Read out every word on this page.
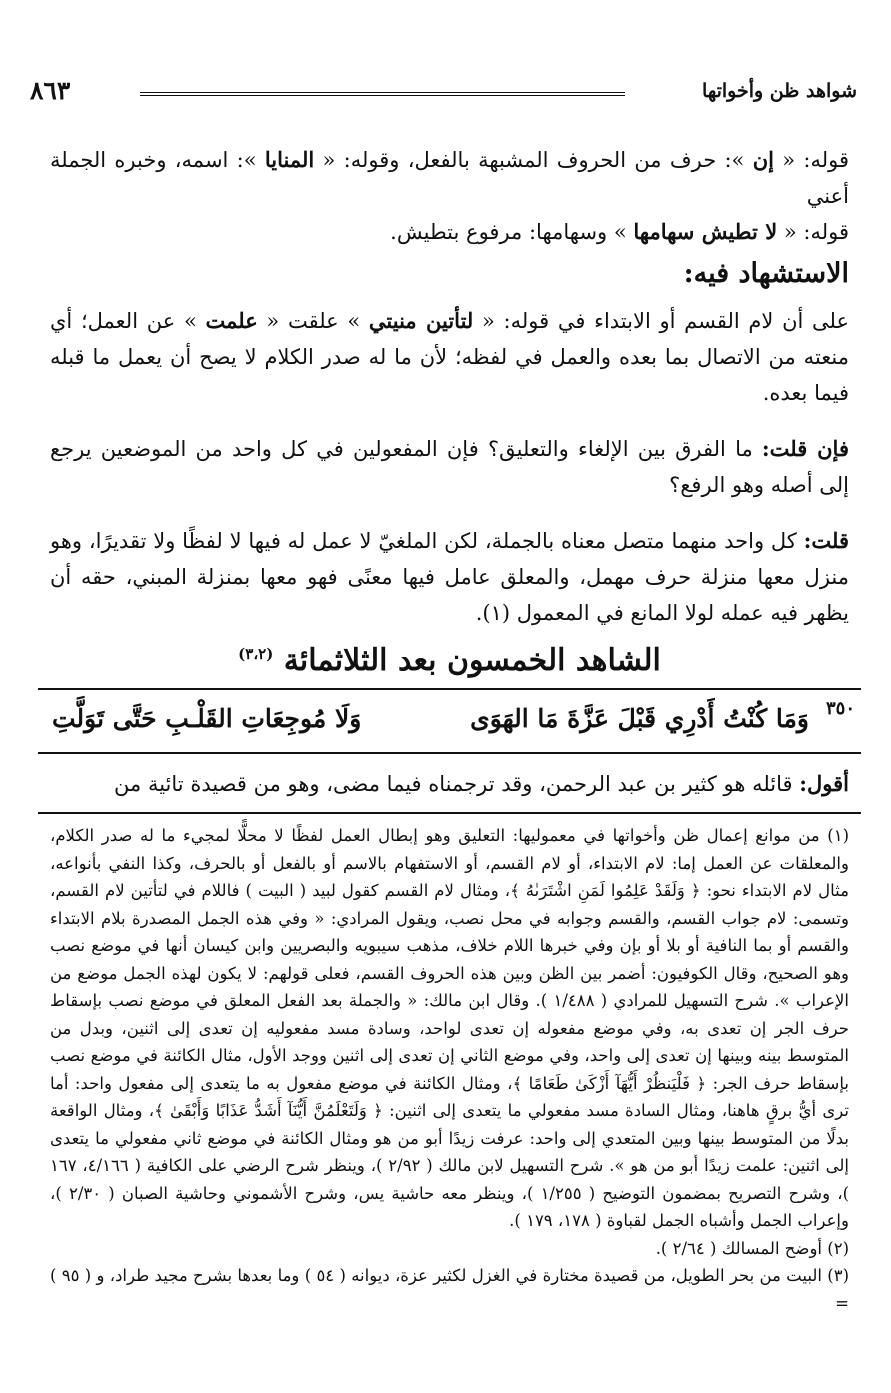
شواهد ظن وأخواتها
٨٦٣

قوله: « إن »: حرف من الحروف المشبهة بالفعل، وقوله: « المنايا »: اسمه، وخبره الجملة أعني

قوله: « لا تطيش سهامها » وسهامها: مرفوع بتطيش.

الاستشهاد فيه:

على أن لام القسم أو الابتداء في قوله: « لتأتين منيتي » علقت « علمت » عن العمل؛ أي منعته من الاتصال بما بعده والعمل في لفظه؛ لأن ما له صدر الكلام لا يصح أن يعمل ما قبله فيما بعده.

فإن قلت: ما الفرق بين الإلغاء والتعليق؟ فإن المفعولين في كل واحد من الموضعين يرجع إلى أصله وهو الرفع؟

قلت: كل واحد منهما متصل معناه بالجملة، لكن الملغيّ لا عمل له فيها لا لفظًا ولا تقديرًا، وهو منزل معها منزلة حرف مهمل، والمعلق عامل فيها معنًى فهو معها بمنزلة المبني، حقه أن يظهر فيه عمله لولا المانع في المعمول (١).

الشاهد الخمسون بعد الثلاثمائة $^{(٣،٢)}$
٣٥٠
وَمَا كُنْتُ أَدْرِي قَبْلَ عَزَّةَ مَا الهَوَى
وَلَا مُوجِعَاتِ القَلْـبِ حَتَّى تَوَلَّتِ

أقول: قائله هو كثير بن عبد الرحمن، وقد ترجمناه فيما مضى، وهو من قصيدة تائية من

(١) من موانع إعمال ظن وأخواتها في معموليها: التعليق وهو إبطال العمل لفظًا لا محلًّا لمجيء ما له صدر الكلام، والمعلقات عن العمل إما: لام الابتداء، أو لام القسم، أو الاستفهام بالاسم أو بالفعل أو بالحرف، وكذا النفي بأنواعه، مثال لام الابتداء نحو: ﴿ وَلَقَدْ عَلِمُوا لَمَنِ اشْتَرَىٰهُ ﴾، ومثال لام القسم كقول لبيد ( البيت ) فاللام في لتأتين لام القسم، وتسمى: لام جواب القسم، والقسم وجوابه في محل نصب، ويقول المرادي: « وفي هذه الجمل المصدرة بلام الابتداء والقسم أو بما النافية أو بلا أو بإن وفي خبرها اللام خلاف، مذهب سيبويه والبصريين وابن كيسان أنها في موضع نصب وهو الصحيح، وقال الكوفيون: أضمر بين الظن وبين هذه الحروف القسم، فعلى قولهم: لا يكون لهذه الجمل موضع من الإعراب ». شرح التسهيل للمرادي ( ١/٤٨٨ ). وقال ابن مالك: « والجملة بعد الفعل المعلق في موضع نصب بإسقاط حرف الجر إن تعدى به، وفي موضع مفعوله إن تعدى لواحد، وسادة مسد مفعوليه إن تعدى إلى اثنين، وبدل من المتوسط بينه وبينها إن تعدى إلى واحد، وفي موضع الثاني إن تعدى إلى اثنين ووجد الأول، مثال الكائنة في موضع نصب بإسقاط حرف الجر: ﴿ فَلْيَنظُرْ أَيُّهَآ أَزْكَىٰ طَعَامًا ﴾، ومثال الكائنة في موضع مفعول به ما يتعدى إلى مفعول واحد: أما ترى أيُّ برقٍ هاهنا، ومثال السادة مسد مفعولي ما يتعدى إلى اثنين: ﴿ وَلَتَعْلَمُنَّ أَيُّنَآ أَشَدُّ عَذَابًا وَأَبْقَىٰ ﴾، ومثال الواقعة بدلًا من المتوسط بينها وبين المتعدي إلى واحد: عرفت زيدًا أبو من هو ومثال الكائنة في موضع ثاني مفعولي ما يتعدى إلى اثنين: علمت زيدًا أبو من هو ». شرح التسهيل لابن مالك ( ٢/٩٢ )، وينظر شرح الرضي على الكافية ( ٤/١٦٦، ١٦٧ )، وشرح التصريح بمضمون التوضيح ( ١/٢٥٥ )، وينظر معه حاشية يس، وشرح الأشموني وحاشية الصبان ( ٢/٣٠ )، وإعراب الجمل وأشباه الجمل لقباوة ( ١٧٨، ١٧٩ ).

(٢) أوضح المسالك ( ٢/٦٤ ).

(٣) البيت من بحر الطويل، من قصيدة مختارة في الغزل لكثير عزة، ديوانه ( ٥٤ ) وما بعدها بشرح مجيد طراد، و ( ٩٥ ) =
